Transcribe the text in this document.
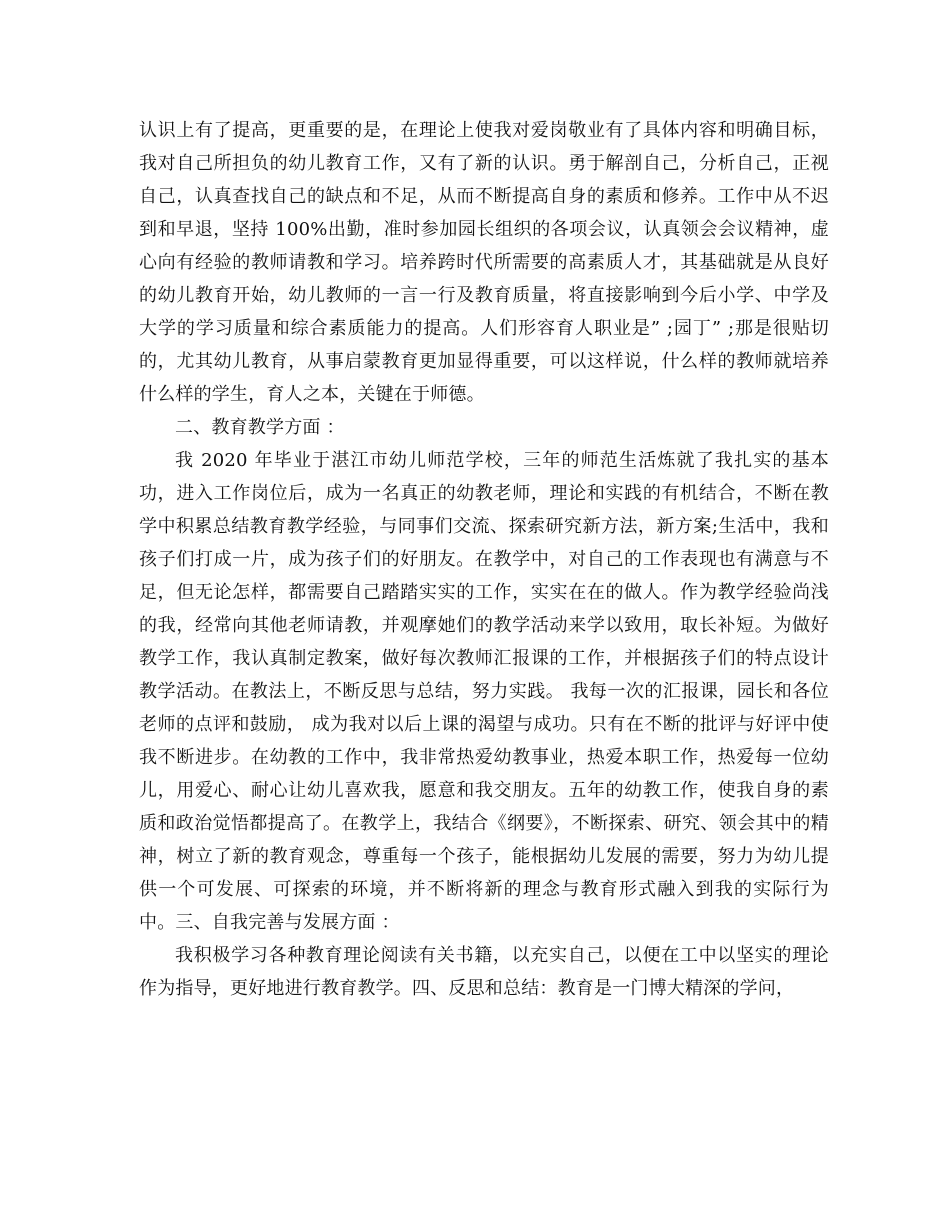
认识上有了提高，更重要的是，在理论上使我对爱岗敬业有了具体内容和明确目标，我对自己所担负的幼儿教育工作，又有了新的认识。勇于解剖自己，分析自己，正视自己，认真查找自己的缺点和不足，从而不断提高自身的素质和修养。工作中从不迟到和早退，坚持 100%出勤，准时参加园长组织的各项会议，认真领会会议精神，虚心向有经验的教师请教和学习。培养跨时代所需要的高素质人才，其基础就是从良好的幼儿教育开始，幼儿教师的一言一行及教育质量，将直接影响到今后小学、中学及大学的学习质量和综合素质能力的提高。人们形容育人职业是” ;园丁” ;那是很贴切的，尤其幼儿教育，从事启蒙教育更加显得重要，可以这样说，什么样的教师就培养什么样的学生，育人之本，关键在于师德。

二、教育教学方面 ：

我 2020 年毕业于湛江市幼儿师范学校，三年的师范生活炼就了我扎实的基本功，进入工作岗位后，成为一名真正的幼教老师，理论和实践的有机结合，不断在教学中积累总结教育教学经验，与同事们交流、探索研究新方法，新方案;生活中，我和孩子们打成一片，成为孩子们的好朋友。在教学中，对自己的工作表现也有满意与不足，但无论怎样，都需要自己踏踏实实的工作，实实在在的做人。作为教学经验尚浅的我，经常向其他老师请教，并观摩她们的教学活动来学以致用，取长补短。为做好教学工作，我认真制定教案，做好每次教师汇报课的工作，并根据孩子们的特点设计教学活动。在教法上，不断反思与总结，努力实践。 我每一次的汇报课，园长和各位老师的点评和鼓励， 成为我对以后上课的渴望与成功。只有在不断的批评与好评中使我不断进步。在幼教的工作中，我非常热爱幼教事业，热爱本职工作，热爱每一位幼儿，用爱心、耐心让幼儿喜欢我，愿意和我交朋友。五年的幼教工作，使我自身的素质和政治觉悟都提高了。在教学上，我结合《纲要》，不断探索、研究、领会其中的精神，树立了新的教育观念，尊重每一个孩子，能根据幼儿发展的需要，努力为幼儿提供一个可发展、可探索的环境，并不断将新的理念与教育形式融入到我的实际行为中。三、自我完善与发展方面 ：

我积极学习各种教育理论阅读有关书籍，以充实自己，以便在工中以坚实的理论作为指导，更好地进行教育教学。四、反思和总结：教育是一门博大精深的学问，
